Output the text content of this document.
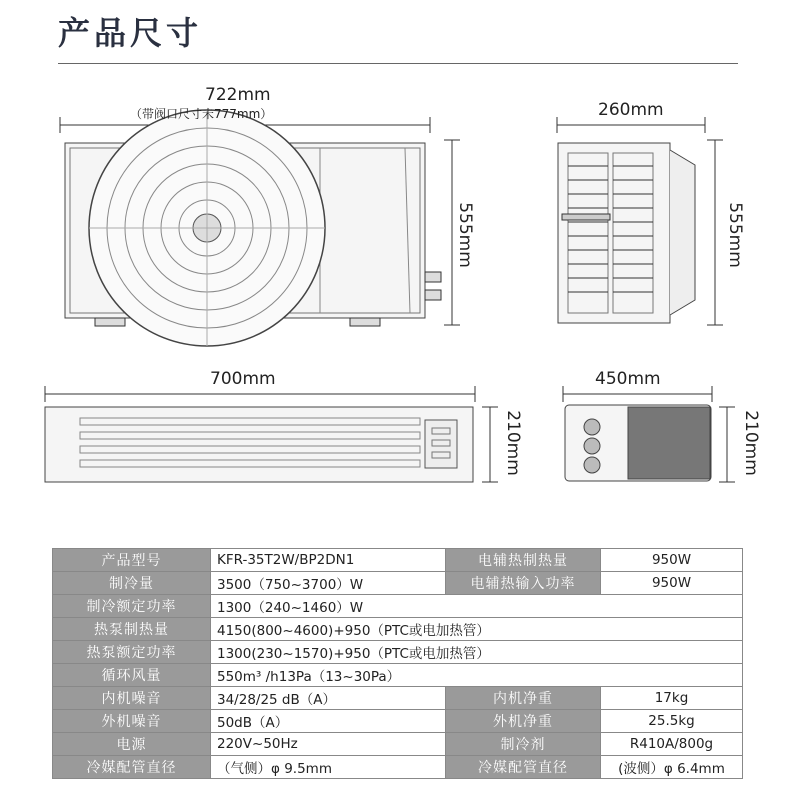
产品尺寸
722mm
（带阀口尺寸未777mm）
555mm
260mm
555mm
700mm
210mm
450mm
210mm
产品型号	KFR-35T2W/BP2DN1	电辅热制热量	950W
制冷量	3500（750~3700）W	电辅热输入功率	950W
制冷额定功率	1300（240~1460）W		
热泵制热量	4150(800~4600)+950（PTC或电加热管）		
热泵额定功率	1300(230~1570)+950（PTC或电加热管）		
循环风量	550m³ /h13Pa（13~30Pa）		
内机噪音	34/28/25 dB（A）	内机净重	17kg
外机噪音	50dB（A）	外机净重	25.5kg
电源	220V~50Hz	制冷剂	R410A/800g
冷媒配管直径	（气侧）φ 9.5mm	冷媒配管直径	(波侧）φ 6.4mm
